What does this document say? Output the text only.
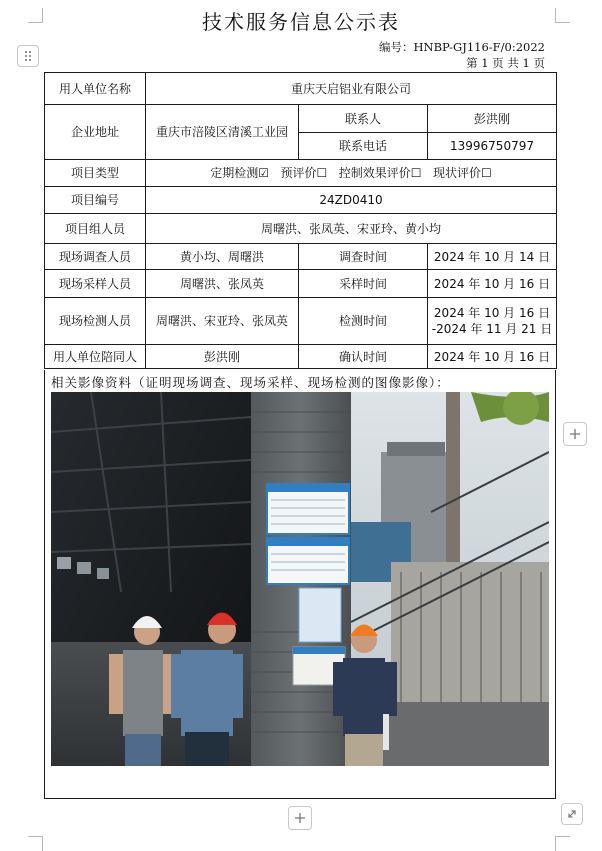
技术服务信息公示表
编号：HNBP-GJ116-F/0:2022
第 1 页 共 1 页
用人单位名称	重庆天启铝业有限公司		
企业地址	重庆市涪陵区清溪工业园	联系人	彭洪刚
		联系电话	13996750797
项目类型	定期检测☑ 预评价☐ 控制效果评价☐ 现状评价☐		
项目编号	24ZD0410		
项目组人员	周曙洪、张凤英、宋亚玲、黄小均		
现场调查人员	黄小均、周曙洪	调查时间	2024 年 10 月 14 日
现场采样人员	周曙洪、张凤英	采样时间	2024 年 10 月 16 日
现场检测人员	周曙洪、宋亚玲、张凤英	检测时间	2024 年 10 月 16 日
-2024 年 11 月 21 日

用人单位陪同人	彭洪刚	确认时间	2024 年 10 月 16 日
相关影像资料（证明现场调查、现场采样、现场检测的图像影像）：
